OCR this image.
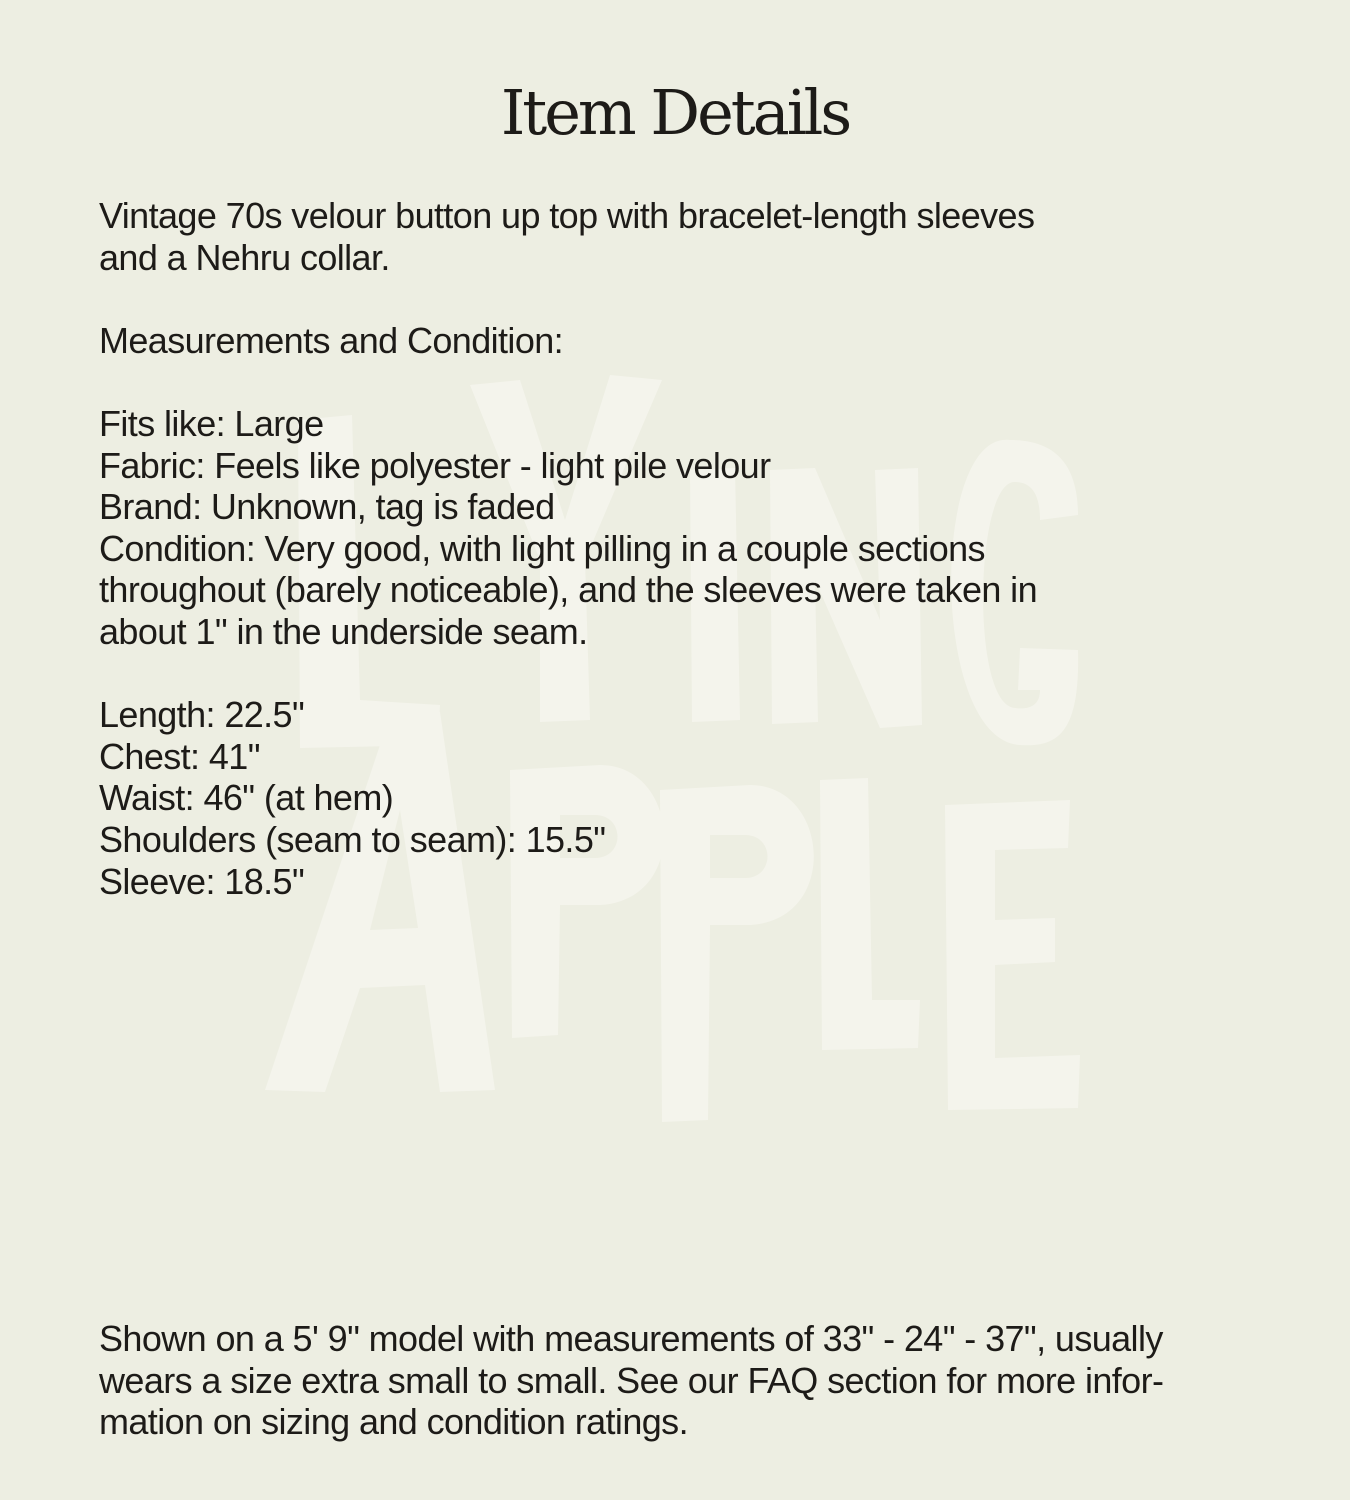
Item Details

Vintage 70s velour button up top with bracelet-length sleeves
and a Nehru collar.

Measurements and Condition:

Fits like: Large
Fabric: Feels like polyester - light pile velour
Brand: Unknown, tag is faded
Condition: Very good, with light pilling in a couple sections
throughout (barely noticeable), and the sleeves were taken in
about 1" in the underside seam.

Length: 22.5"
Chest: 41"
Waist: 46" (at hem)
Shoulders (seam to seam): 15.5"
Sleeve: 18.5"

Shown on a 5' 9" model with measurements of 33" - 24" - 37", usually
wears a size extra small to small. See our FAQ section for more infor-
mation on sizing and condition ratings.
